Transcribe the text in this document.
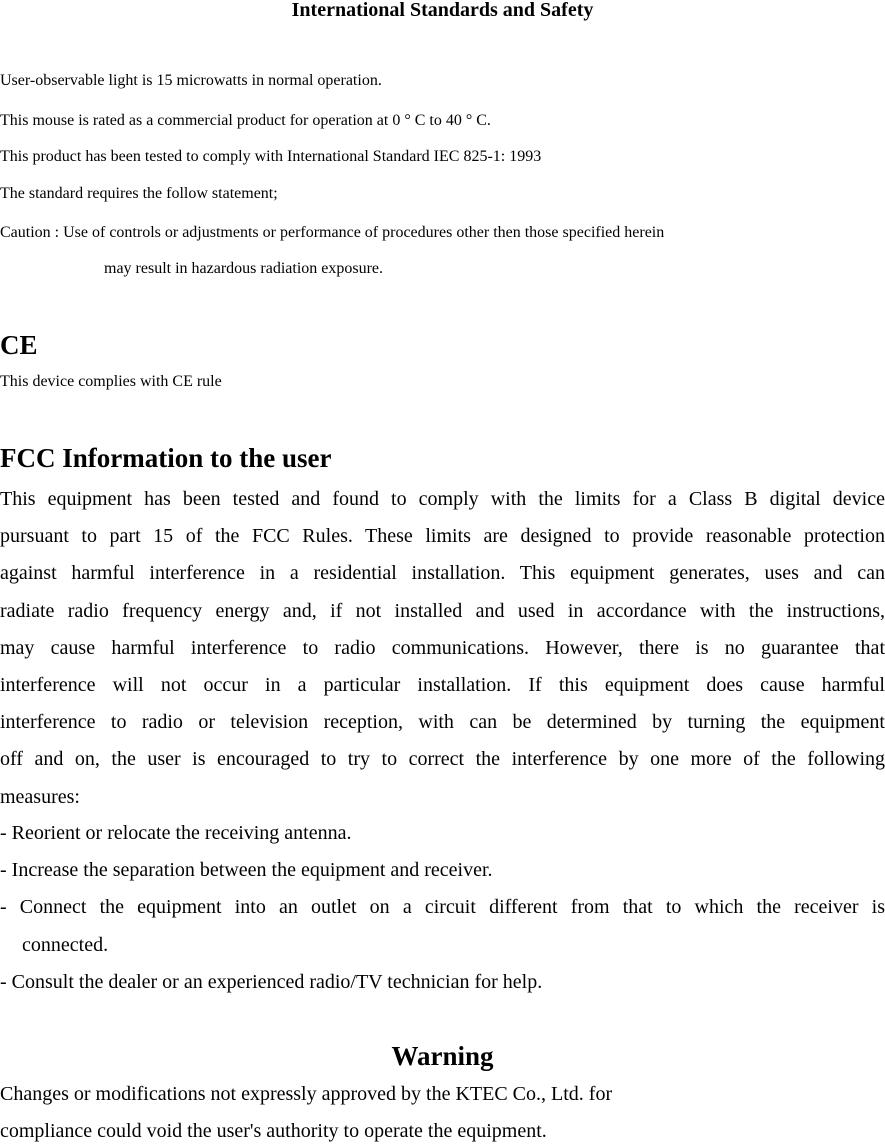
International Standards and Safety
User-observable light is 15 microwatts in normal operation.
This mouse is rated as a commercial product for operation at 0 ° C to 40 ° C.
This product has been tested to comply with International Standard IEC 825-1: 1993
The standard requires the follow statement;
Caution : Use of controls or adjustments or performance of procedures other then those specified herein
may result in hazardous radiation exposure.
CE
This device complies with CE rule
FCC Information to the user
This equipment has been tested and found to comply with the limits for a Class B digital device
pursuant to part 15 of the FCC Rules. These limits are designed to provide reasonable protection
against harmful interference in a residential installation. This equipment generates, uses and can
radiate radio frequency energy and, if not installed and used in accordance with the instructions,
may cause harmful interference to radio communications. However, there is no guarantee that
interference will not occur in a particular installation. If this equipment does cause harmful
interference to radio or television reception, with can be determined by turning the equipment
off and on, the user is encouraged to try to correct the interference by one more of the following
measures:
- Reorient or relocate the receiving antenna.
- Increase the separation between the equipment and receiver.
- Connect the equipment into an outlet on a circuit different from that to which the receiver is
connected.
- Consult the dealer or an experienced radio/TV technician for help.
Warning
Changes or modifications not expressly approved by the KTEC Co., Ltd. for
compliance could void the user's authority to operate the equipment.
